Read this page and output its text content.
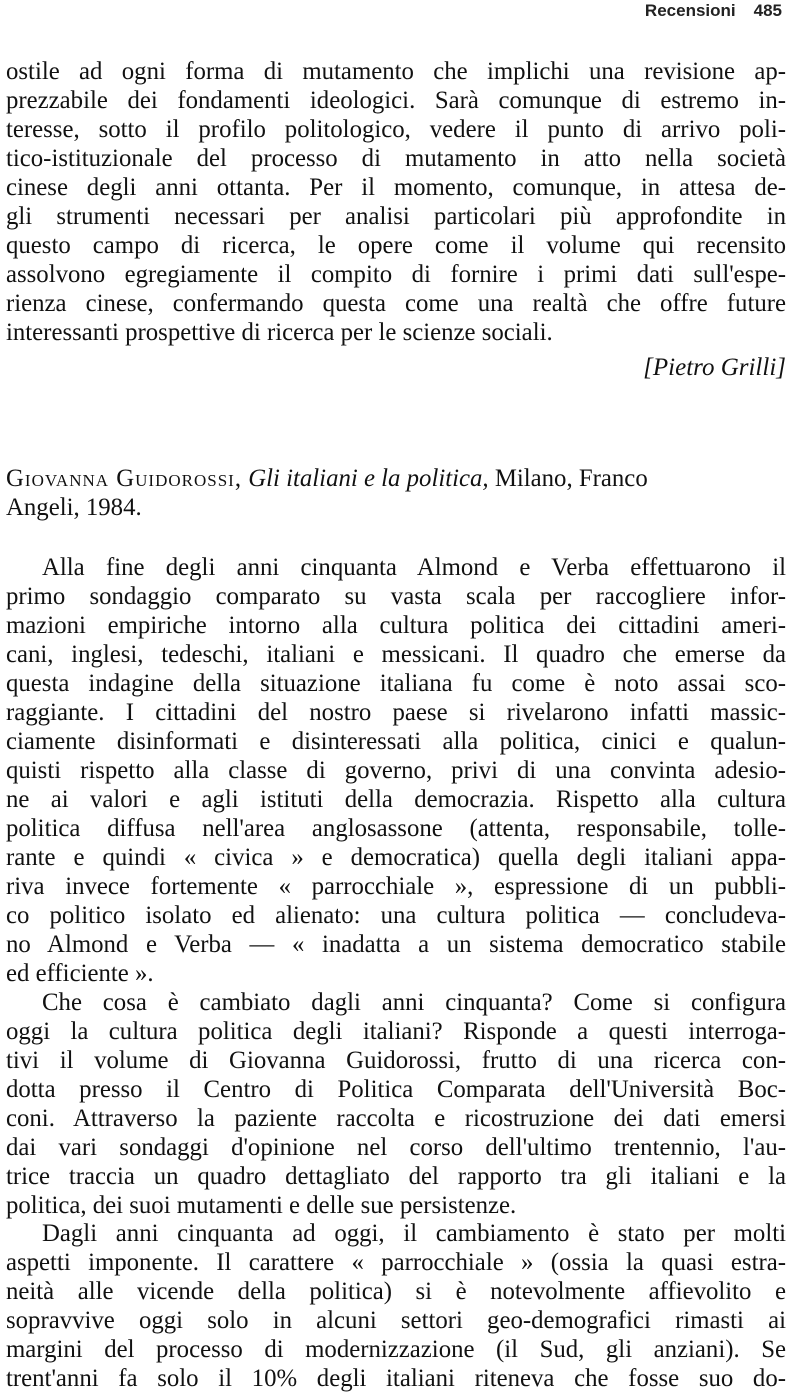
Recensioni 485
ostile ad ogni forma di mutamento che implichi una revisione ap-
prezzabile dei fondamenti ideologici. Sarà comunque di estremo in-
teresse, sotto il profilo politologico, vedere il punto di arrivo poli-
tico-istituzionale del processo di mutamento in atto nella società
cinese degli anni ottanta. Per il momento, comunque, in attesa de-
gli strumenti necessari per analisi particolari più approfondite in
questo campo di ricerca, le opere come il volume qui recensito
assolvono egregiamente il compito di fornire i primi dati sull'espe-
rienza cinese, confermando questa come una realtà che offre future
interessanti prospettive di ricerca per le scienze sociali.
[Pietro Grilli]
Giovanna Guidorossi, Gli italiani e la politica, Milano, Franco
Angeli, 1984.
Alla fine degli anni cinquanta Almond e Verba effettuarono il
primo sondaggio comparato su vasta scala per raccogliere infor-
mazioni empiriche intorno alla cultura politica dei cittadini ameri-
cani, inglesi, tedeschi, italiani e messicani. Il quadro che emerse da
questa indagine della situazione italiana fu come è noto assai sco-
raggiante. I cittadini del nostro paese si rivelarono infatti massic-
ciamente disinformati e disinteressati alla politica, cinici e qualun-
quisti rispetto alla classe di governo, privi di una convinta adesio-
ne ai valori e agli istituti della democrazia. Rispetto alla cultura
politica diffusa nell'area anglosassone (attenta, responsabile, tolle-
rante e quindi « civica » e democratica) quella degli italiani appa-
riva invece fortemente « parrocchiale », espressione di un pubbli-
co politico isolato ed alienato: una cultura politica — concludeva-
no Almond e Verba — « inadatta a un sistema democratico stabile
ed efficiente ».
Che cosa è cambiato dagli anni cinquanta? Come si configura
oggi la cultura politica degli italiani? Risponde a questi interroga-
tivi il volume di Giovanna Guidorossi, frutto di una ricerca con-
dotta presso il Centro di Politica Comparata dell'Università Boc-
coni. Attraverso la paziente raccolta e ricostruzione dei dati emersi
dai vari sondaggi d'opinione nel corso dell'ultimo trentennio, l'au-
trice traccia un quadro dettagliato del rapporto tra gli italiani e la
politica, dei suoi mutamenti e delle sue persistenze.
Dagli anni cinquanta ad oggi, il cambiamento è stato per molti
aspetti imponente. Il carattere « parrocchiale » (ossia la quasi estra-
neità alle vicende della politica) si è notevolmente affievolito e
sopravvive oggi solo in alcuni settori geo-demografici rimasti ai
margini del processo di modernizzazione (il Sud, gli anziani). Se
trent'anni fa solo il 10% degli italiani riteneva che fosse suo do-
